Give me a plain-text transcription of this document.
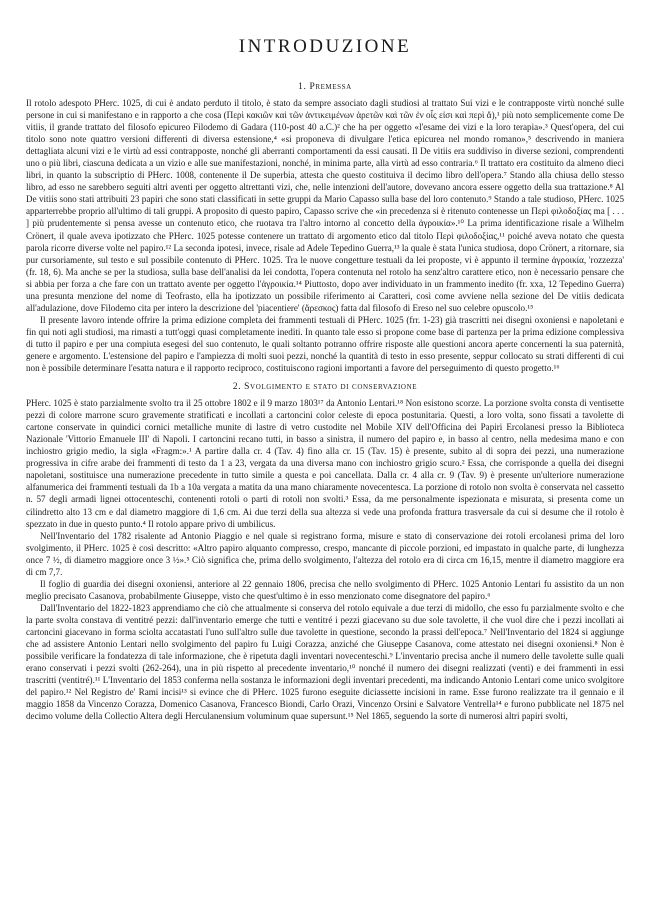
INTRODUZIONE
1. Premessa

Il rotolo adespoto PHerc. 1025, di cui è andato perduto il titolo, è stato da sempre associato dagli studiosi al trattato Sui vizi e le contrapposte virtù nonché sulle persone in cui si manifestano e in rapporto a che cosa (Περὶ κακιῶν καὶ τῶν ἀντικειμένων ἀρετῶν καὶ τῶν ἐν οἷς εἰσι καὶ περὶ ἅ),¹ più noto semplicemente come De vitiis, il grande trattato del filosofo epicureo Filodemo di Gadara (110-post 40 a.C.)² che ha per oggetto «l'esame dei vizi e la loro terapia».³ Quest'opera, del cui titolo sono note quattro versioni differenti di diversa estensione,⁴ «si proponeva di divulgare l'etica epicurea nel mondo romano»,⁵ descrivendo in maniera dettagliata alcuni vizi e le virtù ad essi contrapposte, nonché gli aberranti comportamenti da essi causati. Il De vitiis era suddiviso in diverse sezioni, comprendenti uno o più libri, ciascuna dedicata a un vizio e alle sue manifestazioni, nonché, in minima parte, alla virtù ad esso contraria.⁶ Il trattato era costituito da almeno dieci libri, in quanto la subscriptio di PHerc. 1008, contenente il De superbia, attesta che questo costituiva il decimo libro dell'opera.⁷ Stando alla chiusa dello stesso libro, ad esso ne sarebbero seguiti altri aventi per oggetto altrettanti vizi, che, nelle intenzioni dell'autore, dovevano ancora essere oggetto della sua trattazione.⁸ Al De vitiis sono stati attribuiti 23 papiri che sono stati classificati in sette gruppi da Mario Capasso sulla base del loro contenuto.⁹ Stando a tale studioso, PHerc. 1025 apparterrebbe proprio all'ultimo di tali gruppi. A proposito di questo papiro, Capasso scrive che «in precedenza si è ritenuto contenesse un Περὶ φιλοδοξίας ma [ . . . ] più prudentemente si pensa avesse un contenuto etico, che ruotava tra l'altro intorno al concetto della ἀγροικία».¹⁰ La prima identificazione risale a Wilhelm Crönert, il quale aveva ipotizzato che PHerc. 1025 potesse contenere un trattato di argomento etico dal titolo Περὶ φιλοδοξίας,¹¹ poiché aveva notato che questa parola ricorre diverse volte nel papiro.¹² La seconda ipotesi, invece, risale ad Adele Tepedino Guerra,¹³ la quale è stata l'unica studiosa, dopo Crönert, a ritornare, sia pur cursoriamente, sul testo e sul possibile contenuto di PHerc. 1025. Tra le nuove congetture testuali da lei proposte, vi è appunto il termine ἀγροικία, 'rozzezza' (fr. 18, 6). Ma anche se per la studiosa, sulla base dell'analisi da lei condotta, l'opera contenuta nel rotolo ha senz'altro carattere etico, non è necessario pensare che si abbia per forza a che fare con un trattato avente per oggetto l'ἀγροικία.¹⁴ Piuttosto, dopo aver individuato in un frammento inedito (fr. xxa, 12 Tepedino Guerra) una presunta menzione del nome di Teofrasto, ella ha ipotizzato un possibile riferimento ai Caratteri, così come avviene nella sezione del De vitiis dedicata all'adulazione, dove Filodemo cita per intero la descrizione del 'piacentiere' (ἄρεσκος) fatta dal filosofo di Ereso nel suo celebre opuscolo.¹⁵

Il presente lavoro intende offrire la prima edizione completa dei frammenti testuali di PHerc. 1025 (frr. 1-23) già trascritti nei disegni oxoniensi e napoletani e fin qui noti agli studiosi, ma rimasti a tutt'oggi quasi completamente inediti. In quanto tale esso si propone come base di partenza per la prima edizione complessiva di tutto il papiro e per una compiuta esegesi del suo contenuto, le quali soltanto potranno offrire risposte alle questioni ancora aperte concernenti la sua paternità, genere e argomento. L'estensione del papiro e l'ampiezza di molti suoi pezzi, nonché la quantità di testo in esso presente, seppur collocato su strati differenti di cui non è possibile determinare l'esatta natura e il rapporto reciproco, costituiscono ragioni importanti a favore del perseguimento di questo progetto.¹⁶

2. Svolgimento e stato di conservazione

PHerc. 1025 è stato parzialmente svolto tra il 25 ottobre 1802 e il 9 marzo 1803¹⁷ da Antonio Lentari.¹⁸ Non esistono scorze. La porzione svolta consta di ventisette pezzi di colore marrone scuro gravemente stratificati e incollati a cartoncini color celeste di epoca postunitaria. Questi, a loro volta, sono fissati a tavolette di cartone conservate in quindici cornici metalliche munite di lastre di vetro custodite nel Mobile XIV dell'Officina dei Papiri Ercolanesi presso la Biblioteca Nazionale 'Vittorio Emanuele III' di Napoli. I cartoncini recano tutti, in basso a sinistra, il numero del papiro e, in basso al centro, nella medesima mano e con inchiostro grigio medio, la sigla «Fragm:».¹ A partire dalla cr. 4 (Tav. 4) fino alla cr. 15 (Tav. 15) è presente, subito al di sopra dei pezzi, una numerazione progressiva in cifre arabe dei frammenti di testo da 1 a 23, vergata da una diversa mano con inchiostro grigio scuro.² Essa, che corrisponde a quella dei disegni napoletani, sostituisce una numerazione precedente in tutto simile a questa e poi cancellata. Dalla cr. 4 alla cr. 9 (Tav. 9) è presente un'ulteriore numerazione alfanumerica dei frammenti testuali da 1b a 10a vergata a matita da una mano chiaramente novecentesca. La porzione di rotolo non svolta è conservata nel cassetto n. 57 degli armadi lignei ottocenteschi, contenenti rotoli o parti di rotoli non svolti.³ Essa, da me personalmente ispezionata e misurata, si presenta come un cilindretto alto 13 cm e dal diametro maggiore di 1,6 cm. Ai due terzi della sua altezza si vede una profonda frattura trasversale da cui si desume che il rotolo è spezzato in due in questo punto.⁴ Il rotolo appare privo di umbilicus.

Nell'Inventario del 1782 risalente ad Antonio Piaggio e nel quale si registrano forma, misure e stato di conservazione dei rotoli ercolanesi prima del loro svolgimento, il PHerc. 1025 è così descritto: «Altro papiro alquanto compresso, crespo, mancante di piccole porzioni, ed impastato in qualche parte, di lunghezza once 7 ½, di diametro maggiore once 3 ½».⁵ Ciò significa che, prima dello svolgimento, l'altezza del rotolo era di circa cm 16,15, mentre il diametro maggiore era di cm 7,7.

Il foglio di guardia dei disegni oxoniensi, anteriore al 22 gennaio 1806, precisa che nello svolgimento di PHerc. 1025 Antonio Lentari fu assistito da un non meglio precisato Casanova, probabilmente Giuseppe, visto che quest'ultimo è in esso menzionato come disegnatore del papiro.⁶

Dall'Inventario del 1822-1823 apprendiamo che ciò che attualmente si conserva del rotolo equivale a due terzi di midollo, che esso fu parzialmente svolto e che la parte svolta constava di ventitré pezzi: dall'inventario emerge che tutti e ventitré i pezzi giacevano su due sole tavolette, il che vuol dire che i pezzi incollati ai cartoncini giacevano in forma sciolta accatastati l'uno sull'altro sulle due tavolette in questione, secondo la prassi dell'epoca.⁷ Nell'Inventario del 1824 si aggiunge che ad assistere Antonio Lentari nello svolgimento del papiro fu Luigi Corazza, anziché che Giuseppe Casanova, come attestato nei disegni oxoniensi.⁸ Non è possibile verificare la fondatezza di tale informazione, che è ripetuta dagli inventari novecenteschi.⁹ L'inventario precisa anche il numero delle tavolette sulle quali erano conservati i pezzi svolti (262-264), una in più rispetto al precedente inventario,¹⁰ nonché il numero dei disegni realizzati (venti) e dei frammenti in essi trascritti (ventitré).¹¹ L'Inventario del 1853 conferma nella sostanza le informazioni degli inventari precedenti, ma indicando Antonio Lentari come unico svolgitore del papiro.¹² Nel Registro de' Rami incisi¹³ si evince che di PHerc. 1025 furono eseguite diciassette incisioni in rame. Esse furono realizzate tra il gennaio e il maggio 1858 da Vincenzo Corazza, Domenico Casanova, Francesco Biondi, Carlo Orazi, Vincenzo Orsini e Salvatore Ventrella¹⁴ e furono pubblicate nel 1875 nel decimo volume della Collectio Altera degli Herculanensium voluminum quae supersunt.¹⁵ Nel 1865, seguendo la sorte di numerosi altri papiri svolti,
